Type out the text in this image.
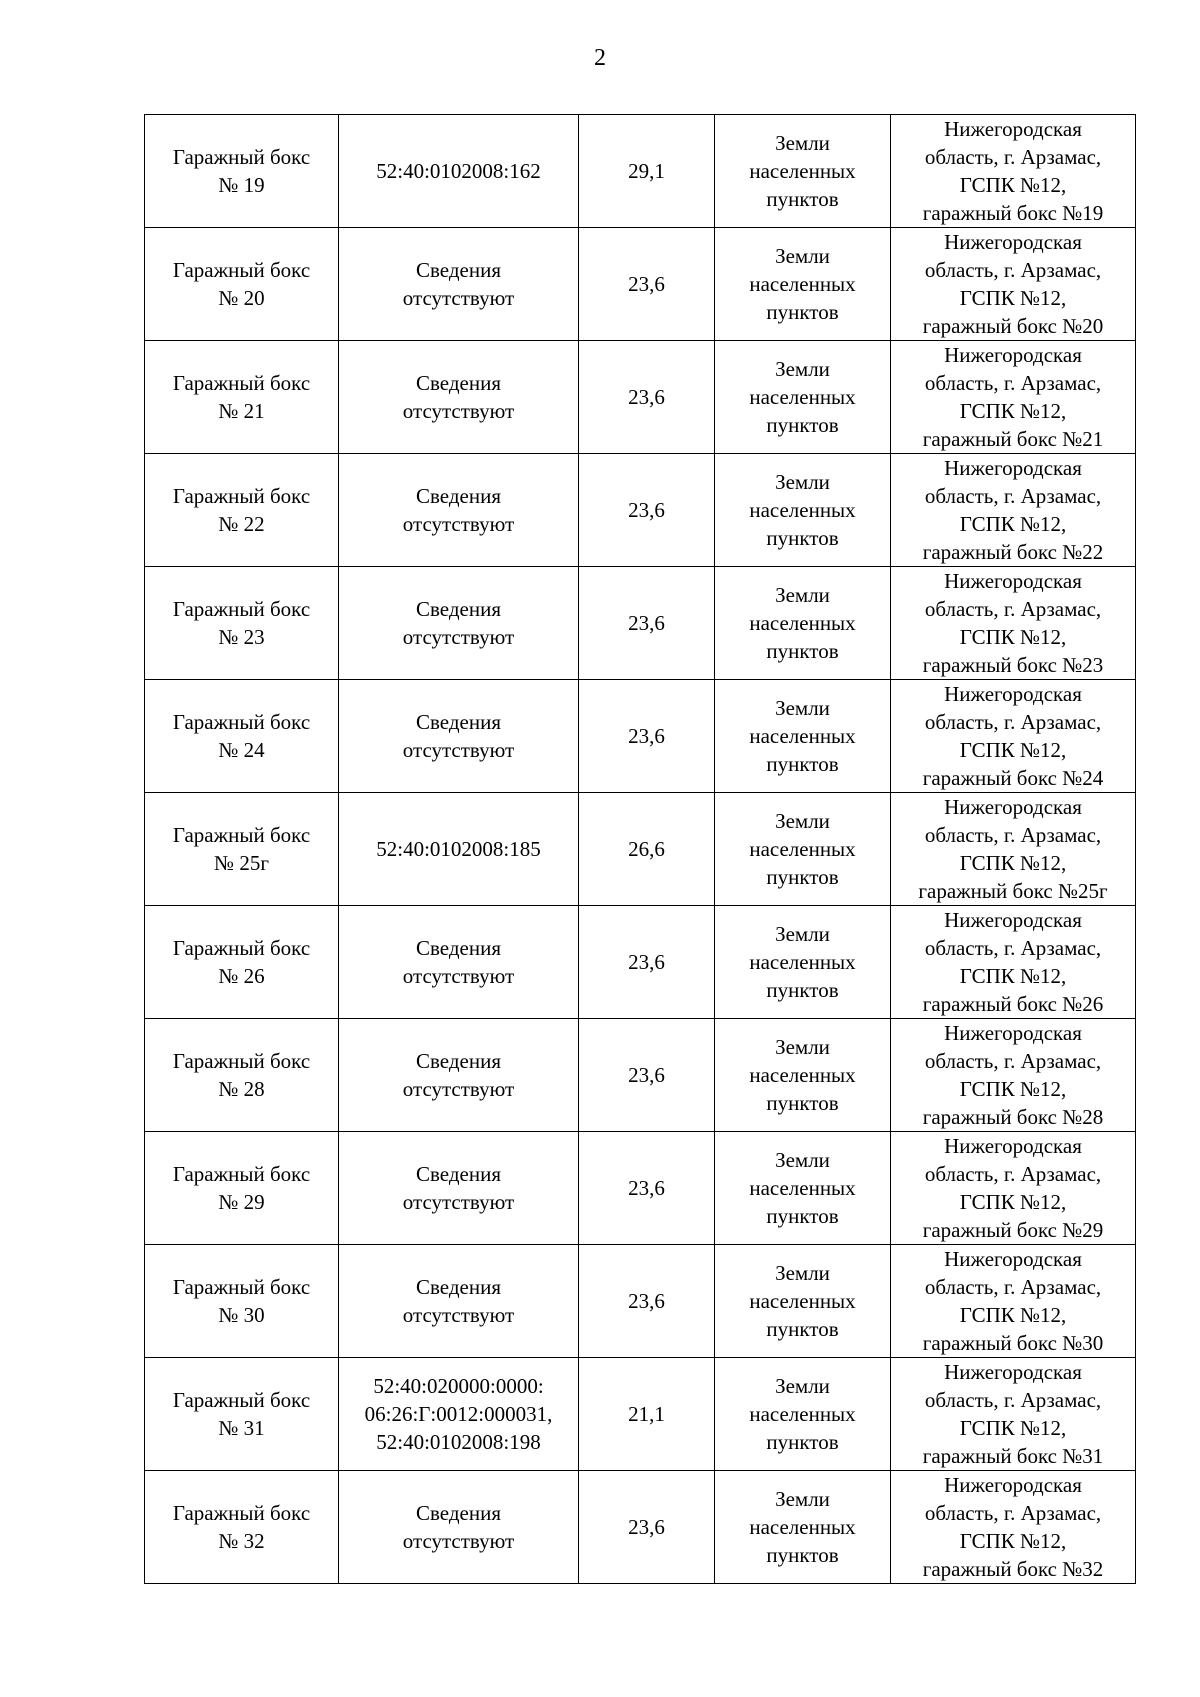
2
Гаражный бокс
№ 19	52:40:0102008:162	29,1	Земли
населенных
пунктов	Нижегородская
область, г. Арзамас,
ГСПК №12,
гаражный бокс №19

Гаражный бокс
№ 20	Сведения
отсутствуют	23,6	Земли
населенных
пунктов	Нижегородская
область, г. Арзамас,
ГСПК №12,
гаражный бокс №20

Гаражный бокс
№ 21	Сведения
отсутствуют	23,6	Земли
населенных
пунктов	Нижегородская
область, г. Арзамас,
ГСПК №12,
гаражный бокс №21

Гаражный бокс
№ 22	Сведения
отсутствуют	23,6	Земли
населенных
пунктов	Нижегородская
область, г. Арзамас,
ГСПК №12,
гаражный бокс №22

Гаражный бокс
№ 23	Сведения
отсутствуют	23,6	Земли
населенных
пунктов	Нижегородская
область, г. Арзамас,
ГСПК №12,
гаражный бокс №23

Гаражный бокс
№ 24	Сведения
отсутствуют	23,6	Земли
населенных
пунктов	Нижегородская
область, г. Арзамас,
ГСПК №12,
гаражный бокс №24

Гаражный бокс
№ 25г	52:40:0102008:185	26,6	Земли
населенных
пунктов	Нижегородская
область, г. Арзамас,
ГСПК №12,
гаражный бокс №25г

Гаражный бокс
№ 26	Сведения
отсутствуют	23,6	Земли
населенных
пунктов	Нижегородская
область, г. Арзамас,
ГСПК №12,
гаражный бокс №26

Гаражный бокс
№ 28	Сведения
отсутствуют	23,6	Земли
населенных
пунктов	Нижегородская
область, г. Арзамас,
ГСПК №12,
гаражный бокс №28

Гаражный бокс
№ 29	Сведения
отсутствуют	23,6	Земли
населенных
пунктов	Нижегородская
область, г. Арзамас,
ГСПК №12,
гаражный бокс №29

Гаражный бокс
№ 30	Сведения
отсутствуют	23,6	Земли
населенных
пунктов	Нижегородская
область, г. Арзамас,
ГСПК №12,
гаражный бокс №30

Гаражный бокс
№ 31	52:40:020000:0000:
06:26:Г:0012:000031,
52:40:0102008:198	21,1	Земли
населенных
пунктов	Нижегородская
область, г. Арзамас,
ГСПК №12,
гаражный бокс №31

Гаражный бокс
№ 32	Сведения
отсутствуют	23,6	Земли
населенных
пунктов	Нижегородская
область, г. Арзамас,
ГСПК №12,
гаражный бокс №32
